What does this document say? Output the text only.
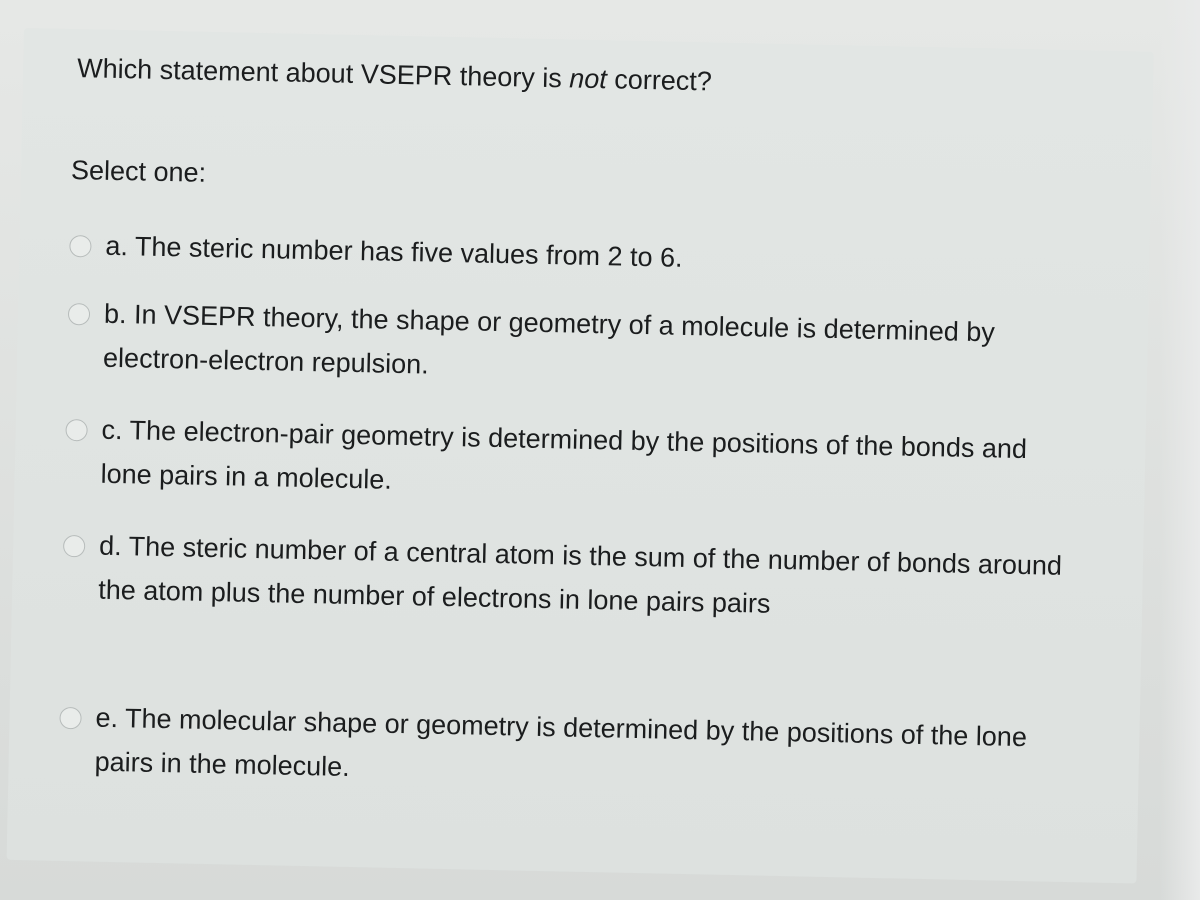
Which statement about VSEPR theory is not correct?
Select one:
a. The steric number has five values from 2 to 6.
b. In VSEPR theory, the shape or geometry of a molecule is determined by electron-electron repulsion.
c. The electron-pair geometry is determined by the positions of the bonds and lone pairs in a molecule.
d. The steric number of a central atom is the sum of the number of bonds around the atom plus the number of electrons in lone pairs pairs
e. The molecular shape or geometry is determined by the positions of the lone pairs in the molecule.
